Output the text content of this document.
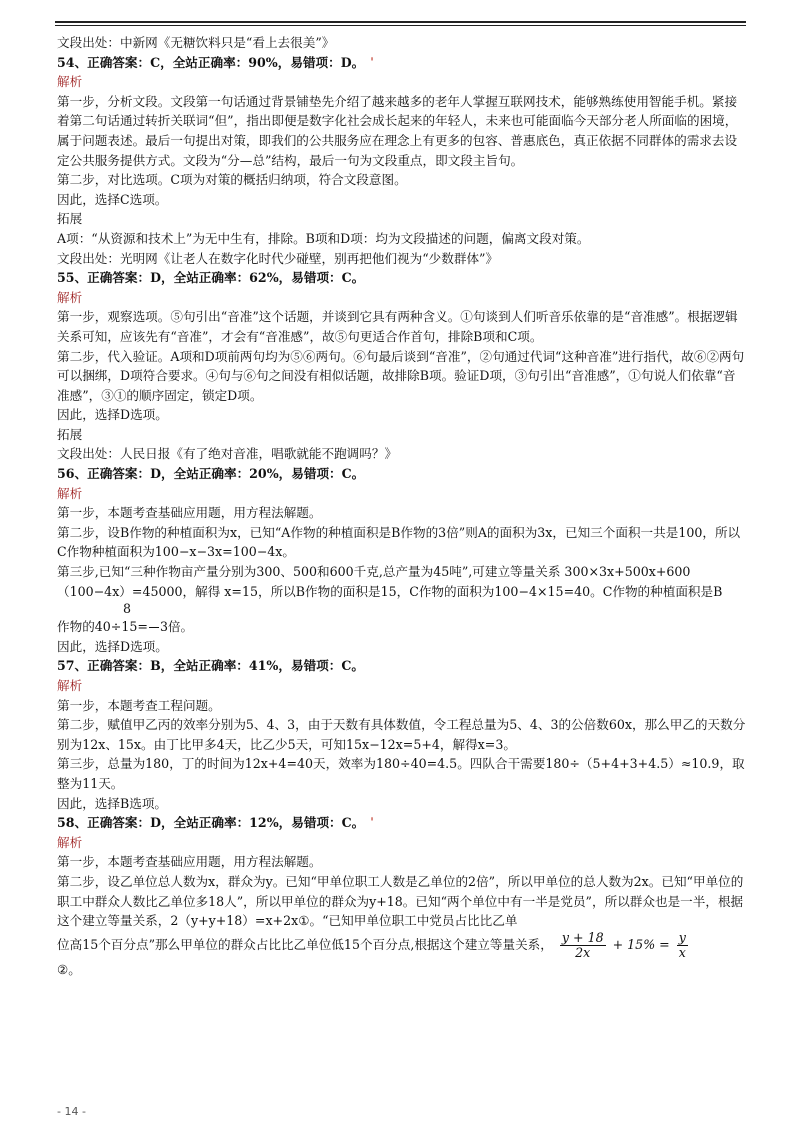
文段出处：中新网《无糖饮料只是“看上去很美”》

54、正确答案：C，全站正确率：90%，易错项：D。 ˈ

解析

第一步，分析文段。文段第一句话通过背景铺垫先介绍了越来越多的老年人掌握互联网技术，能够熟练使用智能手机。紧接着第二句话通过转折关联词“但”，指出即便是数字化社会成长起来的年轻人，未来也可能面临今天部分老人所面临的困境，属于问题表述。最后一句提出对策，即我们的公共服务应在理念上有更多的包容、普惠底色，真正依据不同群体的需求去设定公共服务提供方式。文段为“分—总”结构，最后一句为文段重点，即文段主旨句。

第二步，对比选项。C项为对策的概括归纳项，符合文段意图。

因此，选择C选项。

拓展

A项：“从资源和技术上”为无中生有，排除。B项和D项：均为文段描述的问题，偏离文段对策。

文段出处：光明网《让老人在数字化时代少碰壁，别再把他们视为“少数群体”》

55、正确答案：D，全站正确率：62%，易错项：C。

解析

第一步，观察选项。⑤句引出“音准”这个话题，并谈到它具有两种含义。①句谈到人们听音乐依靠的是“音准感”。根据逻辑关系可知，应该先有“音准”，才会有“音准感”，故⑤句更适合作首句，排除B项和C项。

第二步，代入验证。A项和D项前两句均为⑤⑥两句。⑥句最后谈到“音准”，②句通过代词“这种音准”进行指代，故⑥②两句可以捆绑，D项符合要求。④句与⑥句之间没有相似话题，故排除B项。验证D项，③句引出“音准感”，①句说人们依靠“音准感”，③①的顺序固定，锁定D项。

因此，选择D选项。

拓展

文段出处：人民日报《有了绝对音准，唱歌就能不跑调吗？》

56、正确答案：D，全站正确率：20%，易错项：C。

解析

第一步，本题考查基础应用题，用方程法解题。

第二步，设B作物的种植面积为x，已知“A作物的种植面积是B作物的3倍”则A的面积为3x，已知三个面积一共是100，所以C作物种植面积为100−x−3x=100−4x。

第三步,已知“三种作物亩产量分别为300、500和600千克,总产量为45吨”,可建立等量关系 300×3x+500x+600（100−4x）=45000，解得 x=15，所以B作物的面积是15，C作物的面积为100−4×15=40。C作物的种植面积是B

8
作物的40÷15= 3倍。

因此，选择D选项。

57、正确答案：B，全站正确率：41%，易错项：C。

解析

第一步，本题考查工程问题。

第二步，赋值甲乙丙的效率分别为5、4、3，由于天数有具体数值，令工程总量为5、4、3的公倍数60x，那么甲乙的天数分别为12x、15x。由丁比甲多4天，比乙少5天，可知15x−12x=5+4，解得x=3。

第三步，总量为180，丁的时间为12x+4=40天，效率为180÷40=4.5。四队合干需要180÷（5+4+3+4.5）≈10.9，取整为11天。

因此，选择B选项。

58、正确答案：D，全站正确率：12%，易错项：C。 ˈ

解析

第一步，本题考查基础应用题，用方程法解题。

第二步，设乙单位总人数为x，群众为y。已知“甲单位职工人数是乙单位的2倍”，所以甲单位的总人数为2x。已知“甲单位的职工中群众人数比乙单位多18人”，所以甲单位的群众为y+18。已知“两个单位中有一半是党员”，所以群众也是一半，根据这个建立等量关系，2（y+y+18）=x+2x①。“已知甲单位职工中党员占比比乙单

位高15个百分点”那么甲单位的群众占比比乙单位低15个百分点,根据这个建立等量关系， $\frac{y + 18}{2x} + 15\% = \frac{y}{x}$

②。

- 14 -
